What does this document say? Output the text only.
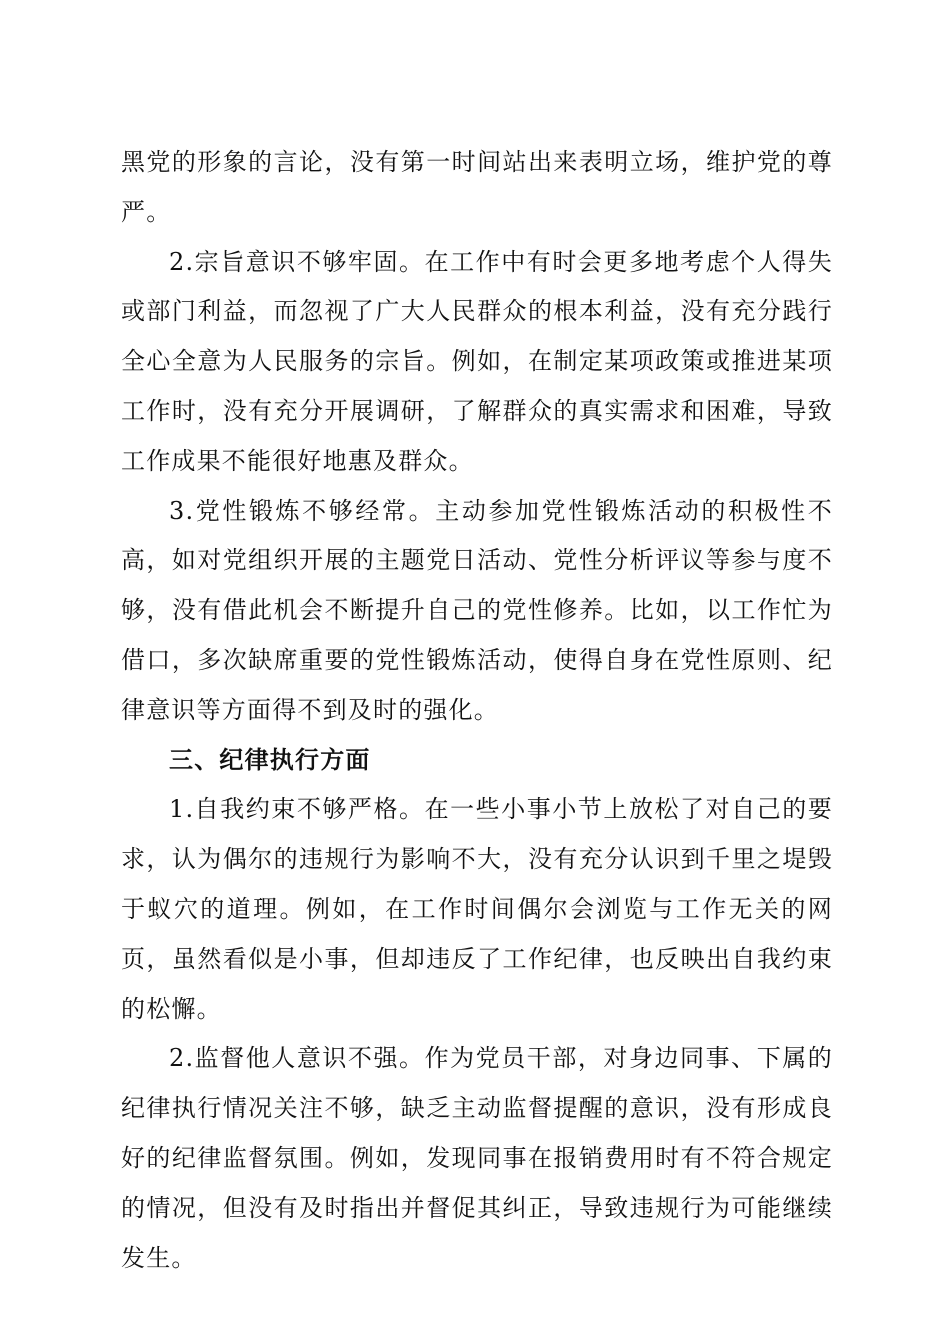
黑党的形象的言论，没有第一时间站出来表明立场，维护党的尊严。

2.宗旨意识不够牢固。在工作中有时会更多地考虑个人得失或部门利益，而忽视了广大人民群众的根本利益，没有充分践行全心全意为人民服务的宗旨。例如，在制定某项政策或推进某项工作时，没有充分开展调研，了解群众的真实需求和困难，导致工作成果不能很好地惠及群众。

3.党性锻炼不够经常。主动参加党性锻炼活动的积极性不高，如对党组织开展的主题党日活动、党性分析评议等参与度不够，没有借此机会不断提升自己的党性修养。比如，以工作忙为借口，多次缺席重要的党性锻炼活动，使得自身在党性原则、纪律意识等方面得不到及时的强化。

三、纪律执行方面

1.自我约束不够严格。在一些小事小节上放松了对自己的要求，认为偶尔的违规行为影响不大，没有充分认识到千里之堤毁于蚁穴的道理。例如，在工作时间偶尔会浏览与工作无关的网页，虽然看似是小事，但却违反了工作纪律，也反映出自我约束的松懈。

2.监督他人意识不强。作为党员干部，对身边同事、下属的纪律执行情况关注不够，缺乏主动监督提醒的意识，没有形成良好的纪律监督氛围。例如，发现同事在报销费用时有不符合规定的情况，但没有及时指出并督促其纠正，导致违规行为可能继续发生。
